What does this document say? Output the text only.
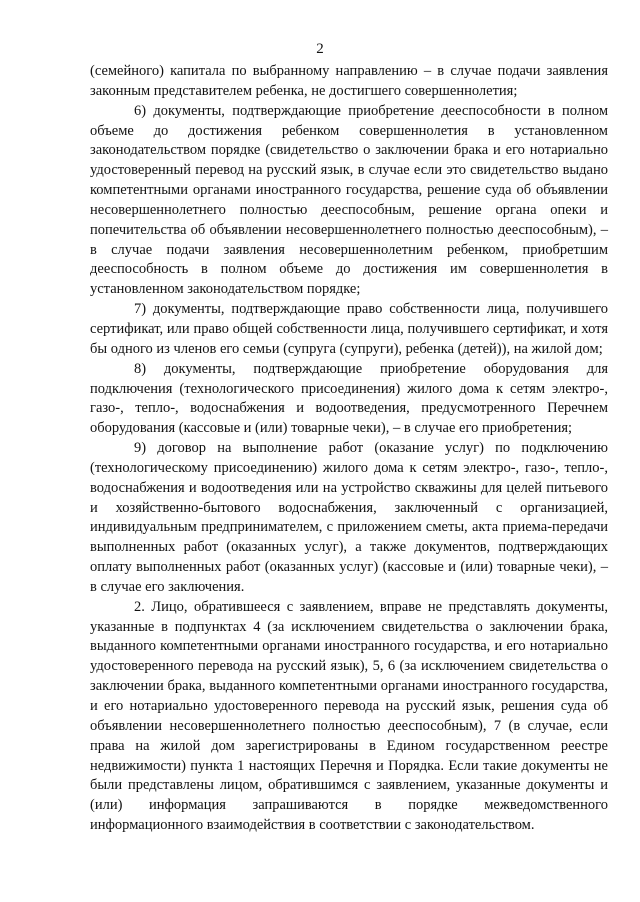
2

(семейного) капитала по выбранному направлению – в случае подачи заявления законным представителем ребенка, не достигшего совершеннолетия;

6) документы, подтверждающие приобретение дееспособности в полном объеме до достижения ребенком совершеннолетия в установленном законодательством порядке (свидетельство о заключении брака и его нотариально удостоверенный перевод на русский язык, в случае если это свидетельство выдано компетентными органами иностранного государства, решение суда об объявлении несовершеннолетнего полностью дееспособным, решение органа опеки и попечительства об объявлении несовершеннолетнего полностью дееспособным), – в случае подачи заявления несовершеннолетним ребенком, приобретшим дееспособность в полном объеме до достижения им совершеннолетия в установленном законодательством порядке;

7) документы, подтверждающие право собственности лица, получившего сертификат, или право общей собственности лица, получившего сертификат, и хотя бы одного из членов его семьи (супруга (супруги), ребенка (детей)), на жилой дом;

8) документы, подтверждающие приобретение оборудования для подключения (технологического присоединения) жилого дома к сетям электро-, газо-, тепло-, водоснабжения и водоотведения, предусмотренного Перечнем оборудования (кассовые и (или) товарные чеки), – в случае его приобретения;

9) договор на выполнение работ (оказание услуг) по подключению (технологическому присоединению) жилого дома к сетям электро-, газо-, тепло-, водоснабжения и водоотведения или на устройство скважины для целей питьевого и хозяйственно-бытового водоснабжения, заключенный с организацией, индивидуальным предпринимателем, с приложением сметы, акта приема-передачи выполненных работ (оказанных услуг), а также документов, подтверждающих оплату выполненных работ (оказанных услуг) (кассовые и (или) товарные чеки), – в случае его заключения.

2. Лицо, обратившееся с заявлением, вправе не представлять документы, указанные в подпунктах 4 (за исключением свидетельства о заключении брака, выданного компетентными органами иностранного государства, и его нотариально удостоверенного перевода на русский язык), 5, 6 (за исключением свидетельства о заключении брака, выданного компетентными органами иностранного государства, и его нотариально удостоверенного перевода на русский язык, решения суда об объявлении несовершеннолетнего полностью дееспособным), 7 (в случае, если права на жилой дом зарегистрированы в Едином государственном реестре недвижимости) пункта 1 настоящих Перечня и Порядка. Если такие документы не были представлены лицом, обратившимся с заявлением, указанные документы и (или) информация запрашиваются в порядке межведомственного информационного взаимодействия в соответствии с законодательством.
